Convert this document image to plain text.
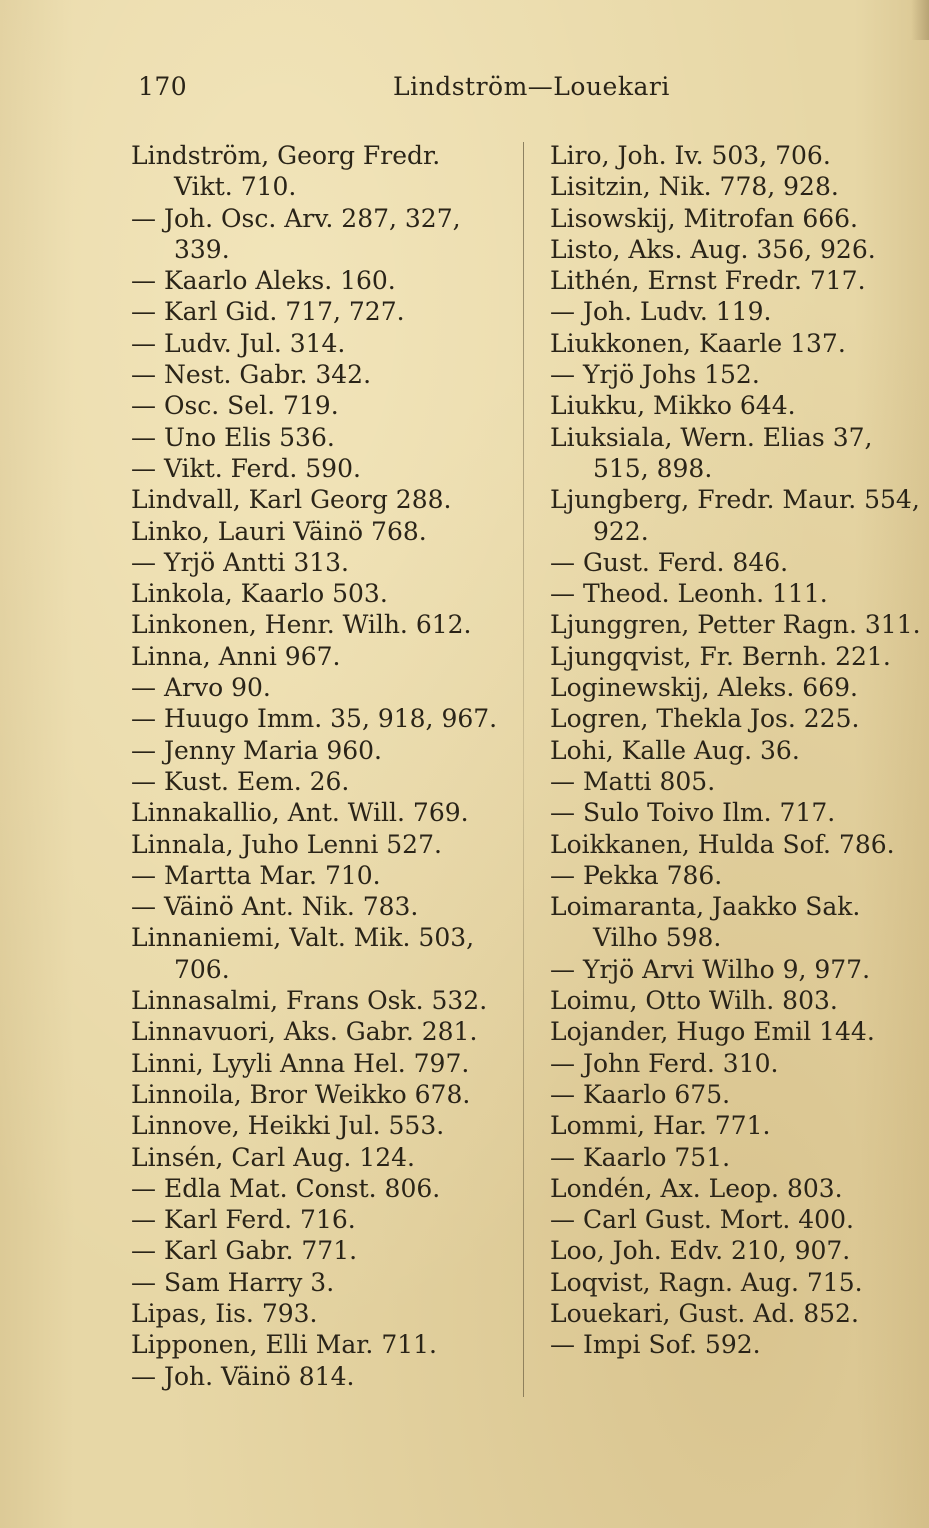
170	Lindström—Louekari
Lindström, Georg Fredr. Vikt. 710.
— Joh. Osc. Arv. 287, 327, 339.
— Kaarlo Aleks. 160.
— Karl Gid. 717, 727.
— Ludv. Jul. 314.
— Nest. Gabr. 342.
— Osc. Sel. 719.
— Uno Elis 536.
— Vikt. Ferd. 590.
Lindvall, Karl Georg 288.
Linko, Lauri Väinö 768.
— Yrjö Antti 313.
Linkola, Kaarlo 503.
Linkonen, Henr. Wilh. 612.
Linna, Anni 967.
— Arvo 90.
— Huugo Imm. 35, 918, 967.
— Jenny Maria 960.
— Kust. Eem. 26.
Linnakallio, Ant. Will. 769.
Linnala, Juho Lenni 527.
— Martta Mar. 710.
— Väinö Ant. Nik. 783.
Linnaniemi, Valt. Mik. 503, 706.
Linnasalmi, Frans Osk. 532.
Linnavuori, Aks. Gabr. 281.
Linni, Lyyli Anna Hel. 797.
Linnoila, Bror Weikko 678.
Linnove, Heikki Jul. 553.
Linsén, Carl Aug. 124.
— Edla Mat. Const. 806.
— Karl Ferd. 716.
— Karl Gabr. 771.
— Sam Harry 3.
Lipas, Iis. 793.
Lipponen, Elli Mar. 711.
— Joh. Väinö 814.
Liro, Joh. Iv. 503, 706.
Lisitzin, Nik. 778, 928.
Lisowskij, Mitrofan 666.
Listo, Aks. Aug. 356, 926.
Lithén, Ernst Fredr. 717.
— Joh. Ludv. 119.
Liukkonen, Kaarle 137.
— Yrjö Johs 152.
Liukku, Mikko 644.
Liuksiala, Wern. Elias 37, 515, 898.
Ljungberg, Fredr. Maur. 554, 922.
— Gust. Ferd. 846.
— Theod. Leonh. 111.
Ljunggren, Petter Ragn. 311.
Ljungqvist, Fr. Bernh. 221.
Loginewskij, Aleks. 669.
Logren, Thekla Jos. 225.
Lohi, Kalle Aug. 36.
— Matti 805.
— Sulo Toivo Ilm. 717.
Loikkanen, Hulda Sof. 786.
— Pekka 786.
Loimaranta, Jaakko Sak. Vilho 598.
— Yrjö Arvi Wilho 9, 977.
Loimu, Otto Wilh. 803.
Lojander, Hugo Emil 144.
— John Ferd. 310.
— Kaarlo 675.
Lommi, Har. 771.
— Kaarlo 751.
Londén, Ax. Leop. 803.
— Carl Gust. Mort. 400.
Loo, Joh. Edv. 210, 907.
Loqvist, Ragn. Aug. 715.
Louekari, Gust. Ad. 852.
— Impi Sof. 592.
